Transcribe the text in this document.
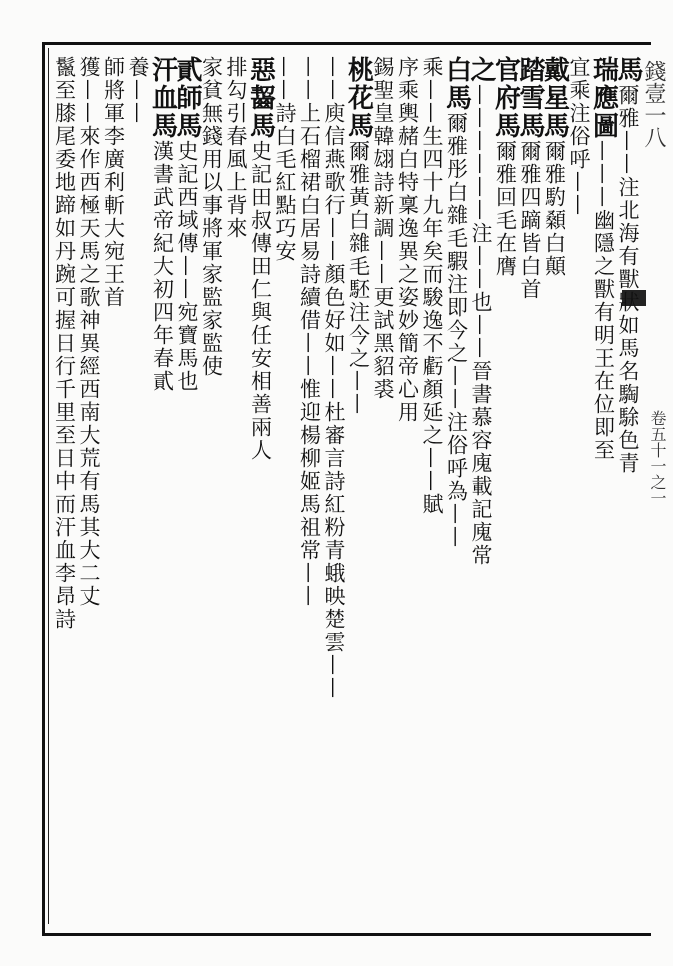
錢壹一八
卷五十一之一
馬爾雅——注北海有獸狀如馬名騊駼色青
瑞應圖———幽隱之獸有明王在位即至
宜乘注俗呼——
戴星馬爾雅馰顙白顛
踏雪馬爾雅四蹢皆白首
官府馬爾雅回毛在膺
之——————注——也——晉書慕容廆載記廆常
白馬爾雅彤白雜毛騢注即今之——注俗呼為——
乘——生四十九年矣而駿逸不虧顏延之——賦
序乘輿赭白特稟逸異之姿妙簡帝心用
錫聖皇韓翃詩新調——更試黑貂裘
桃花馬爾雅黃白雜毛駓注今之——
——庾信燕歌行——顏色好如——杜審言詩紅粉青蛾映楚雲——
——上石榴裙白居易詩續借——惟迎楊柳姬馬祖常——
——詩白毛紅點巧安
惡齧馬史記田叔傳田仁與任安相善兩人
排勾引春風上背來
家貧無錢用以事將軍家監家監使
貳師馬史記西域傳——宛寶馬也
汗血馬漢書武帝紀大初四年春貳
養——
師將軍李廣利斬大宛王首
獲——來作西極天馬之歌神異經西南大荒有馬其大二丈
鬣至膝尾委地蹄如丹踠可握日行千里至日中而汗血李昂詩
